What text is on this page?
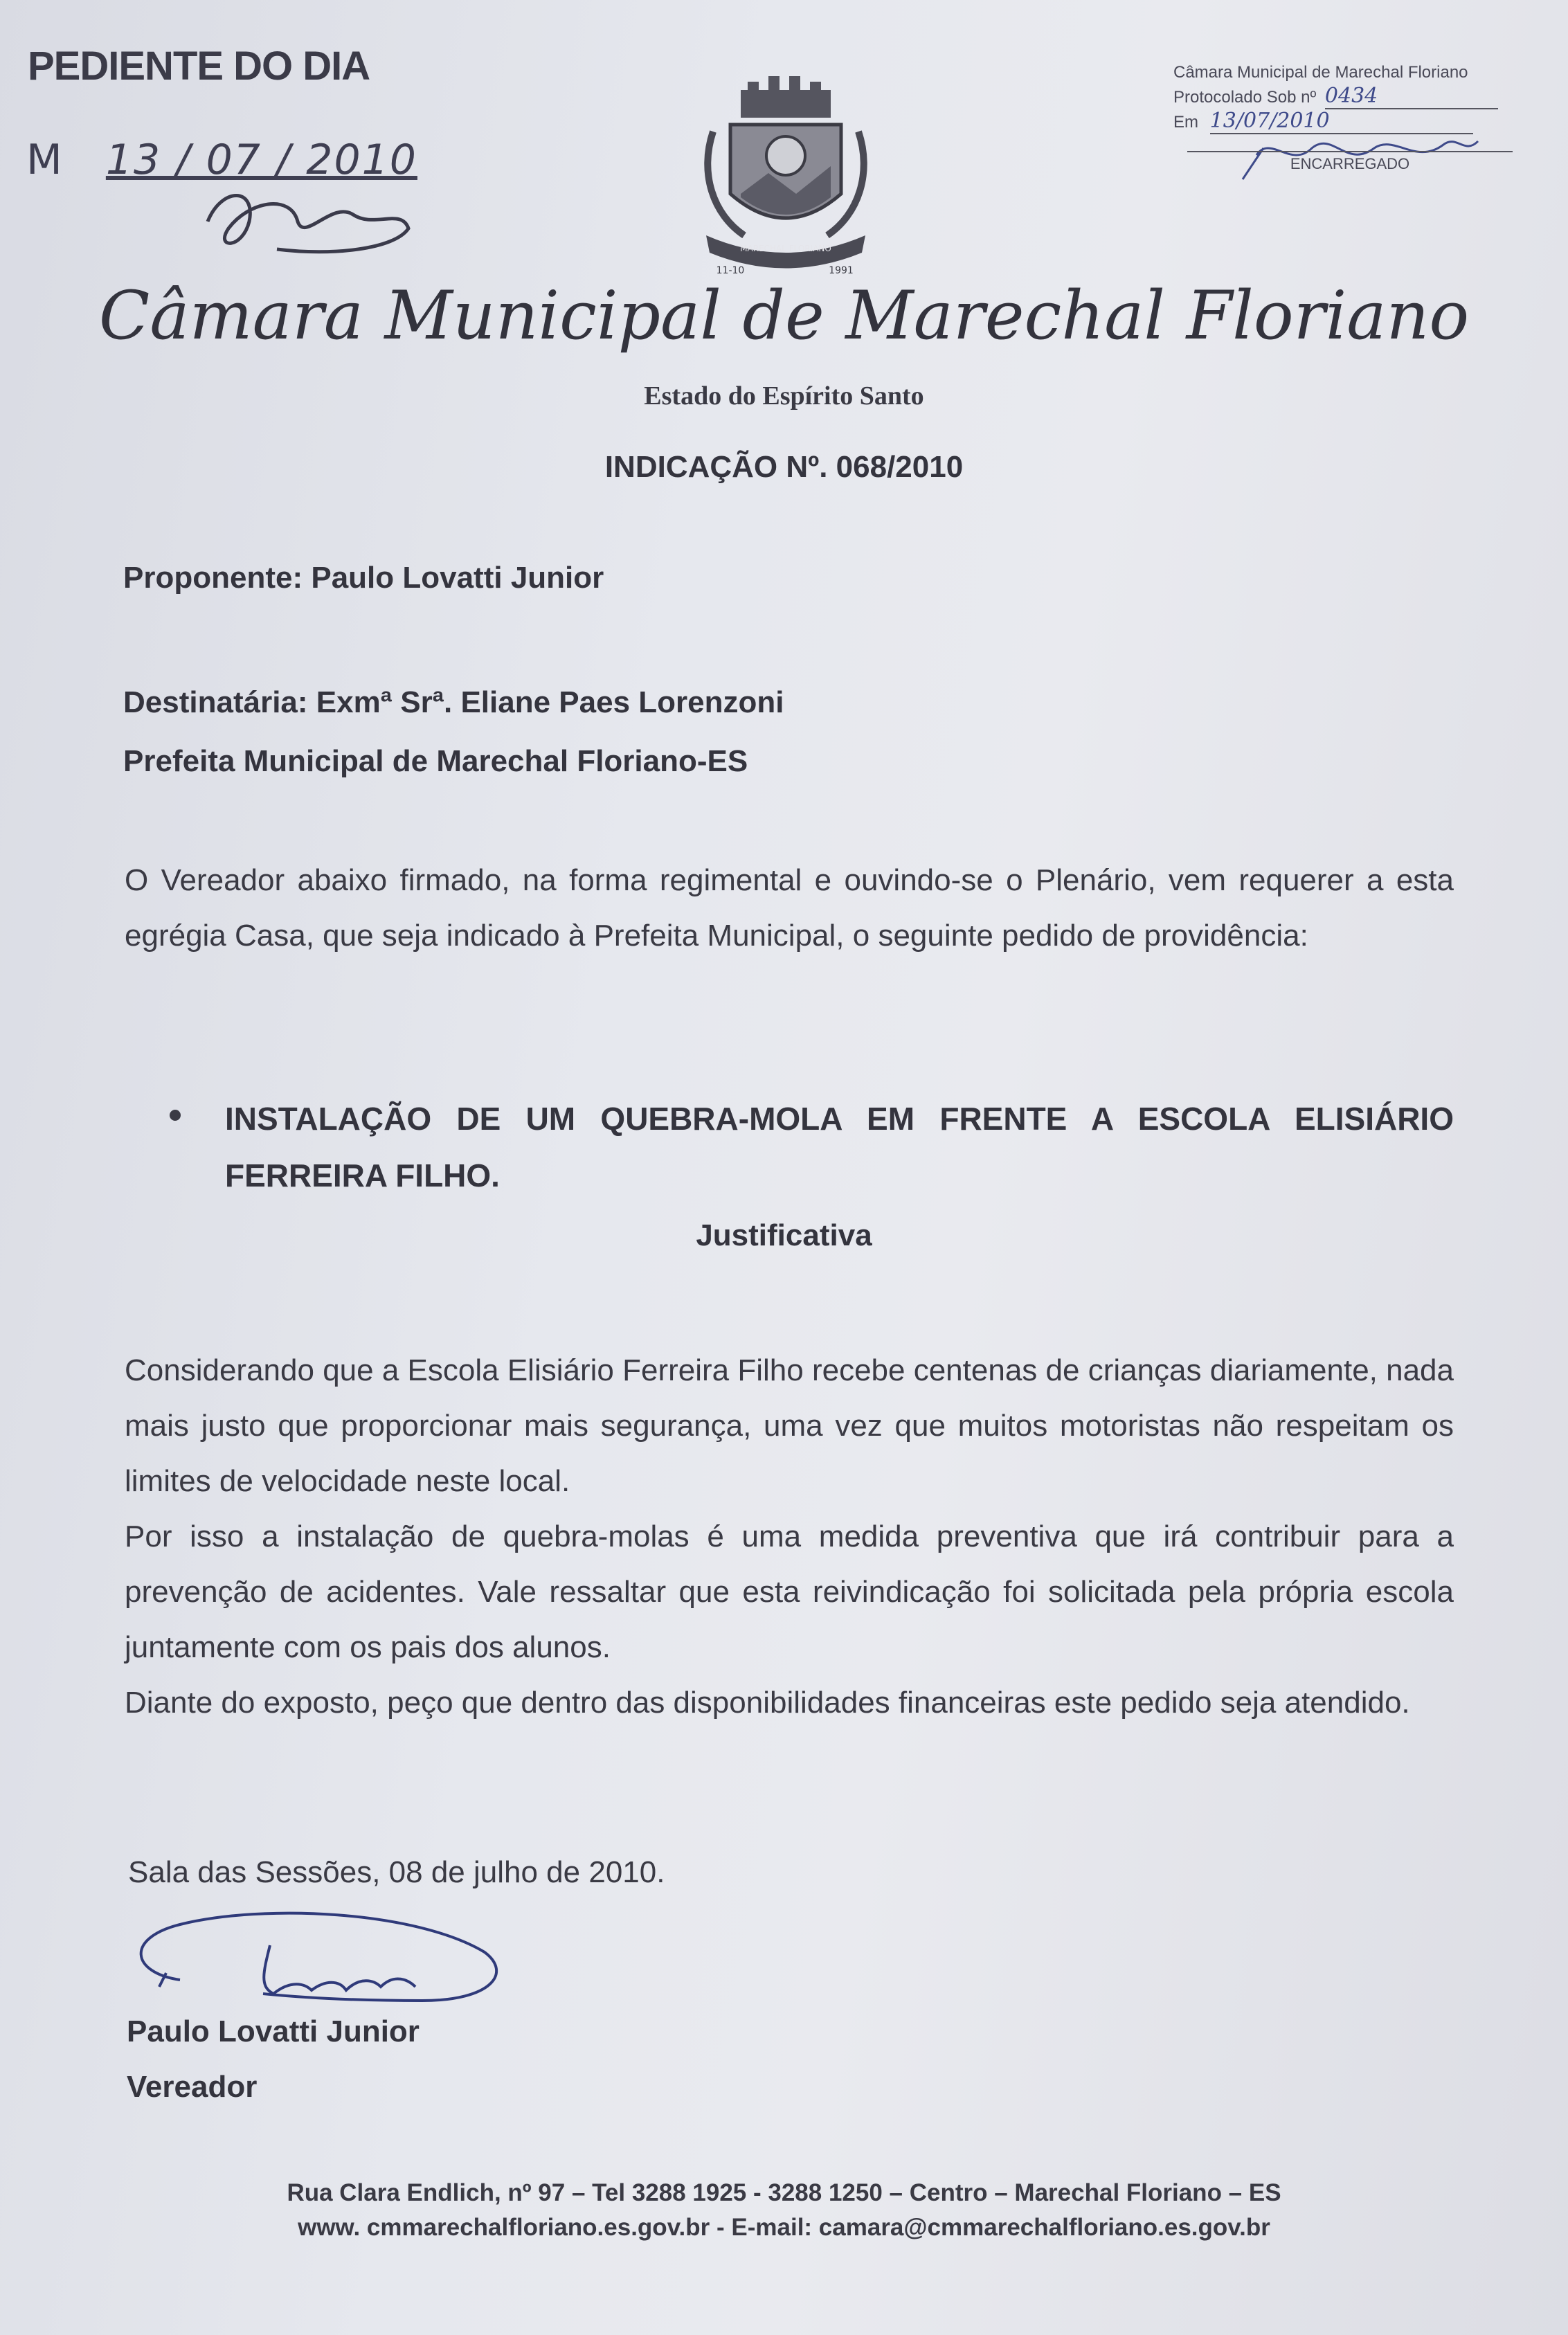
PEDIENTE DO DIA
M 13 / 07 / 2010
MARECHAL FLORIANO
11-10	1991
Câmara Municipal de Marechal Floriano
Protocolado Sob nº 0434
Em 13/07/2010
ENCARREGADO
Câmara Municipal de Marechal Floriano
Estado do Espírito Santo
INDICAÇÃO Nº. 068/2010
Proponente: Paulo Lovatti Junior
Destinatária: Exmª Srª. Eliane Paes Lorenzoni
Prefeita Municipal de Marechal Floriano-ES
O Vereador abaixo firmado, na forma regimental e ouvindo-se o Plenário, vem requerer a esta egrégia Casa, que seja indicado à Prefeita Municipal, o seguinte pedido de providência:
INSTALAÇÃO DE UM QUEBRA-MOLA EM FRENTE A ESCOLA ELISIÁRIO FERREIRA FILHO.
Justificativa
Considerando que a Escola Elisiário Ferreira Filho recebe centenas de crianças diariamente, nada mais justo que proporcionar mais segurança, uma vez que muitos motoristas não respeitam os limites de velocidade neste local.
Por isso a instalação de quebra-molas é uma medida preventiva que irá contribuir para a prevenção de acidentes. Vale ressaltar que esta reivindicação foi solicitada pela própria escola juntamente com os pais dos alunos.
Diante do exposto, peço que dentro das disponibilidades financeiras este pedido seja atendido.
Sala das Sessões, 08 de julho de 2010.
Paulo Lovatti Junior
Vereador
Rua Clara Endlich, nº 97 – Tel 3288 1925 - 3288 1250 – Centro – Marechal Floriano – ES
www. cmmarechalfloriano.es.gov.br - E-mail: camara@cmmarechalfloriano.es.gov.br
